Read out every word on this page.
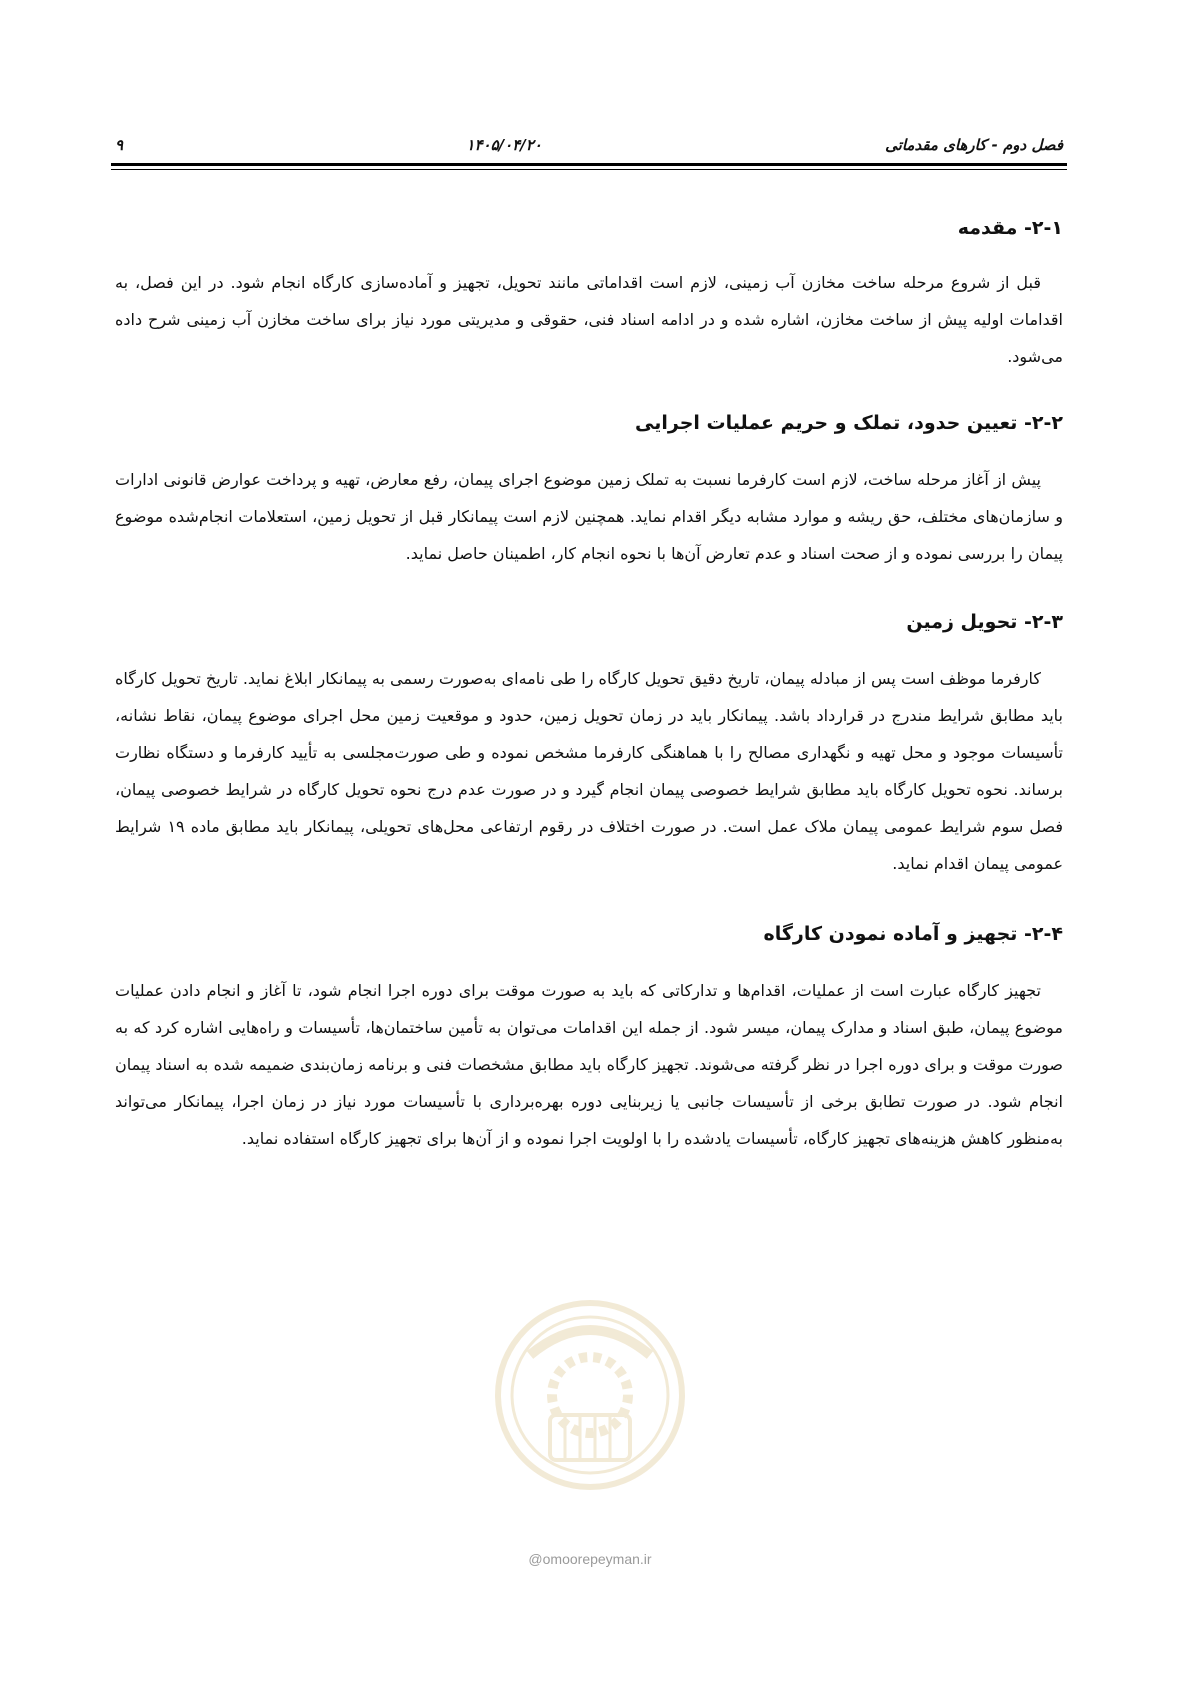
فصل دوم - کارهای مقدماتی
۱۴۰۵/۰۴/۲۰
۹
۲-۱- مقدمه

قبل از شروع مرحله ساخت مخازن آب زمینی، لازم است اقداماتی مانند تحویل، تجهیز و آماده‌سازی کارگاه انجام شود. در این فصل، به اقدامات اولیه پیش از ساخت مخازن، اشاره شده و در ادامه اسناد فنی، حقوقی و مدیریتی مورد نیاز برای ساخت مخازن آب زمینی شرح داده می‌شود.

۲-۲- تعیین حدود، تملک و حریم عملیات اجرایی

پیش از آغاز مرحله ساخت، لازم است کارفرما نسبت به تملک زمین موضوع اجرای پیمان، رفع معارض، تهیه و پرداخت عوارض قانونی ادارات و سازمان‌های مختلف، حق ریشه و موارد مشابه دیگر اقدام نماید. همچنین لازم است پیمانکار قبل از تحویل زمین، استعلامات انجام‌شده موضوع پیمان را بررسی نموده و از صحت اسناد و عدم تعارض آن‌ها با نحوه انجام کار، اطمینان حاصل نماید.

۲-۳- تحویل زمین

کارفرما موظف است پس از مبادله پیمان، تاریخ دقیق تحویل کارگاه را طی نامه‌ای به‌صورت رسمی به پیمانکار ابلاغ نماید. تاریخ تحویل کارگاه باید مطابق شرایط مندرج در قرارداد باشد. پیمانکار باید در زمان تحویل زمین، حدود و موقعیت زمین محل اجرای موضوع پیمان، نقاط نشانه، تأسیسات موجود و محل تهیه و نگهداری مصالح را با هماهنگی کارفرما مشخص نموده و طی صورت‌مجلسی به تأیید کارفرما و دستگاه نظارت برساند. نحوه تحویل کارگاه باید مطابق شرایط خصوصی پیمان انجام گیرد و در صورت عدم درج نحوه تحویل کارگاه در شرایط خصوصی پیمان، فصل سوم شرایط عمومی پیمان ملاک عمل است. در صورت اختلاف در رقوم ارتفاعی محل‌های تحویلی، پیمانکار باید مطابق ماده ۱۹ شرایط عمومی پیمان اقدام نماید.

۲-۴- تجهیز و آماده نمودن کارگاه

تجهیز کارگاه عبارت است از عملیات، اقدام‌ها و تدارکاتی که باید به صورت موقت برای دوره اجرا انجام شود، تا آغاز و انجام دادن عملیات موضوع پیمان، طبق اسناد و مدارک پیمان، میسر شود. از جمله این اقدامات می‌توان به تأمین ساختمان‌ها، تأسیسات و راه‌هایی اشاره کرد که به صورت موقت و برای دوره اجرا در نظر گرفته می‌شوند. تجهیز کارگاه باید مطابق مشخصات فنی و برنامه زمان‌بندی ضمیمه شده به اسناد پیمان انجام شود. در صورت تطابق برخی از تأسیسات جانبی یا زیربنایی دوره بهره‌برداری با تأسیسات مورد نیاز در زمان اجرا، پیمانکار می‌تواند به‌منظور کاهش هزینه‌های تجهیز کارگاه، تأسیسات یادشده را با اولویت اجرا نموده و از آن‌ها برای تجهیز کارگاه استفاده نماید.

@omoorepeyman.ir
